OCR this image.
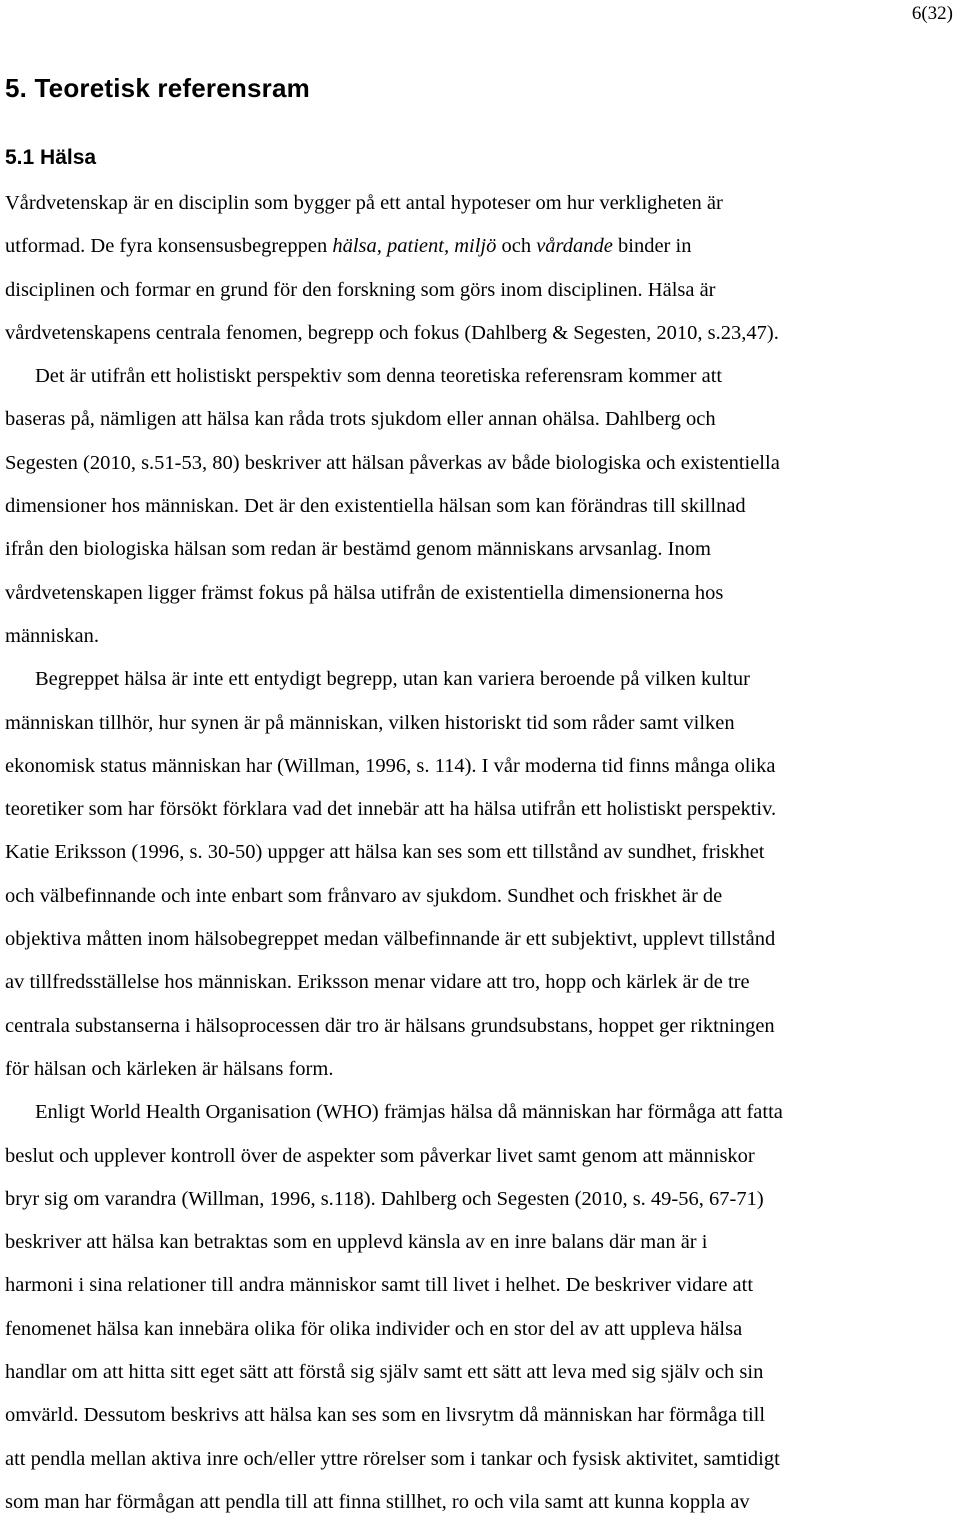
6(32)
5. Teoretisk referensram
5.1 Hälsa

Vårdvetenskap är en disciplin som bygger på ett antal hypoteser om hur verkligheten är
utformad. De fyra konsensusbegreppen hälsa, patient, miljö och vårdande binder in
disciplinen och formar en grund för den forskning som görs inom disciplinen. Hälsa är
vårdvetenskapens centrala fenomen, begrepp och fokus (Dahlberg & Segesten, 2010, s.23,47).

Det är utifrån ett holistiskt perspektiv som denna teoretiska referensram kommer att
baseras på, nämligen att hälsa kan råda trots sjukdom eller annan ohälsa. Dahlberg och
Segesten (2010, s.51-53, 80) beskriver att hälsan påverkas av både biologiska och existentiella
dimensioner hos människan. Det är den existentiella hälsan som kan förändras till skillnad
ifrån den biologiska hälsan som redan är bestämd genom människans arvsanlag. Inom
vårdvetenskapen ligger främst fokus på hälsa utifrån de existentiella dimensionerna hos
människan.

Begreppet hälsa är inte ett entydigt begrepp, utan kan variera beroende på vilken kultur
människan tillhör, hur synen är på människan, vilken historiskt tid som råder samt vilken
ekonomisk status människan har (Willman, 1996, s. 114). I vår moderna tid finns många olika
teoretiker som har försökt förklara vad det innebär att ha hälsa utifrån ett holistiskt perspektiv.
Katie Eriksson (1996, s. 30-50) uppger att hälsa kan ses som ett tillstånd av sundhet, friskhet
och välbefinnande och inte enbart som frånvaro av sjukdom. Sundhet och friskhet är de
objektiva måtten inom hälsobegreppet medan välbefinnande är ett subjektivt, upplevt tillstånd
av tillfredsställelse hos människan. Eriksson menar vidare att tro, hopp och kärlek är de tre
centrala substanserna i hälsoprocessen där tro är hälsans grundsubstans, hoppet ger riktningen
för hälsan och kärleken är hälsans form.

Enligt World Health Organisation (WHO) främjas hälsa då människan har förmåga att fatta
beslut och upplever kontroll över de aspekter som påverkar livet samt genom att människor
bryr sig om varandra (Willman, 1996, s.118). Dahlberg och Segesten (2010, s. 49-56, 67-71)
beskriver att hälsa kan betraktas som en upplevd känsla av en inre balans där man är i
harmoni i sina relationer till andra människor samt till livet i helhet. De beskriver vidare att
fenomenet hälsa kan innebära olika för olika individer och en stor del av att uppleva hälsa
handlar om att hitta sitt eget sätt att förstå sig själv samt ett sätt att leva med sig själv och sin
omvärld. Dessutom beskrivs att hälsa kan ses som en livsrytm då människan har förmåga till
att pendla mellan aktiva inre och/eller yttre rörelser som i tankar och fysisk aktivitet, samtidigt
som man har förmågan att pendla till att finna stillhet, ro och vila samt att kunna koppla av
